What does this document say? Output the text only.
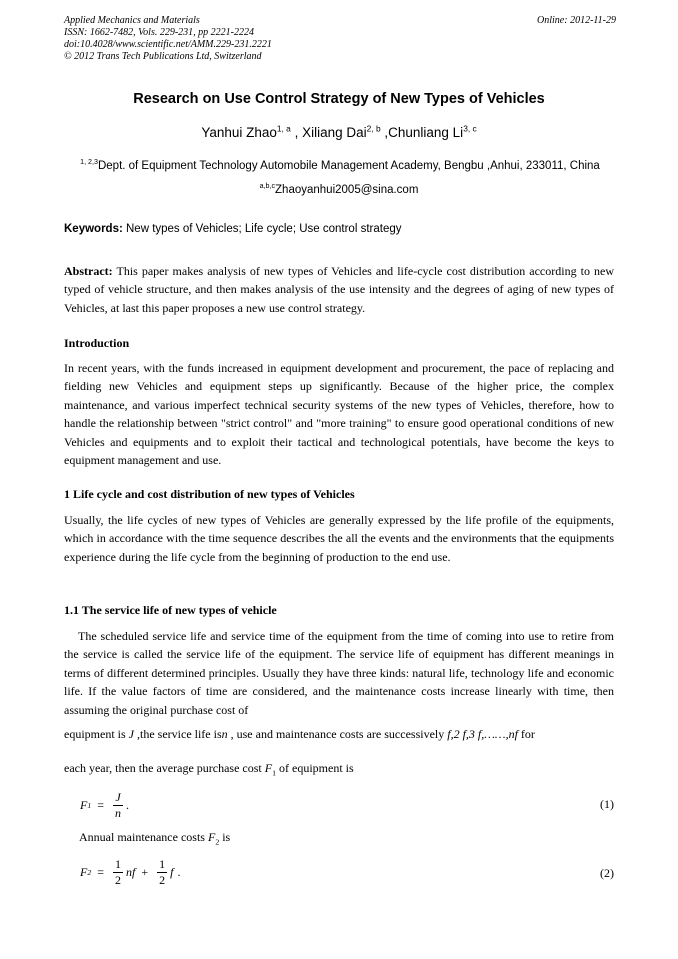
Applied Mechanics and Materials
ISSN: 1662-7482, Vols. 229-231, pp 2221-2224
doi:10.4028/www.scientific.net/AMM.229-231.2221
© 2012 Trans Tech Publications Ltd, Switzerland
Online: 2012-11-29
Research on Use Control Strategy of New Types of Vehicles
Yanhui Zhao$^{1, a}$ , Xiliang Dai$^{2, b}$ ,Chunliang Li$^{3, c}$
$^{1, 2,3}$Dept. of Equipment Technology Automobile Management Academy, Bengbu ,Anhui, 233011, China
$^{a,b,c}$Zhaoyanhui2005@sina.com
Keywords: New types of Vehicles; Life cycle; Use control strategy
Abstract: This paper makes analysis of new types of Vehicles and life-cycle cost distribution according to new typed of vehicle structure, and then makes analysis of the use intensity and the degrees of aging of new types of Vehicles, at last this paper proposes a new use control strategy.
Introduction
In recent years, with the funds increased in equipment development and procurement, the pace of replacing and fielding new Vehicles and equipment steps up significantly. Because of the higher price, the complex maintenance, and various imperfect technical security systems of the new types of Vehicles, therefore, how to handle the relationship between "strict control" and "more training" to ensure good operational conditions of new Vehicles and equipments and to exploit their tactical and technological potentials, have become the keys to equipment management and use.
1 Life cycle and cost distribution of new types of Vehicles
Usually, the life cycles of new types of Vehicles are generally expressed by the life profile of the equipments, which in accordance with the time sequence describes the all the events and the environments that the equipments experience during the life cycle from the beginning of production to the end use.
1.1 The service life of new types of vehicle
The scheduled service life and service time of the equipment from the time of coming into use to retire from the service is called the service life of the equipment. The service life of equipment has different meanings in terms of different determined principles. Usually they have three kinds: natural life, technology life and economic life. If the value factors of time are considered, and the maintenance costs increase linearly with time, then assuming the original purchase cost of
equipment is J ,the service life isn , use and maintenance costs are successively f,2 f,3 f,……,nf for
each year, then the average purchase cost $F_1$ of equipment is
F $1 = \frac{J}{n}$ .	(1)
Annual maintenance costs $F_2$ is
F $2 = \frac{1}{2}$ nf + $\frac{1}{2}$ f .	(2)
